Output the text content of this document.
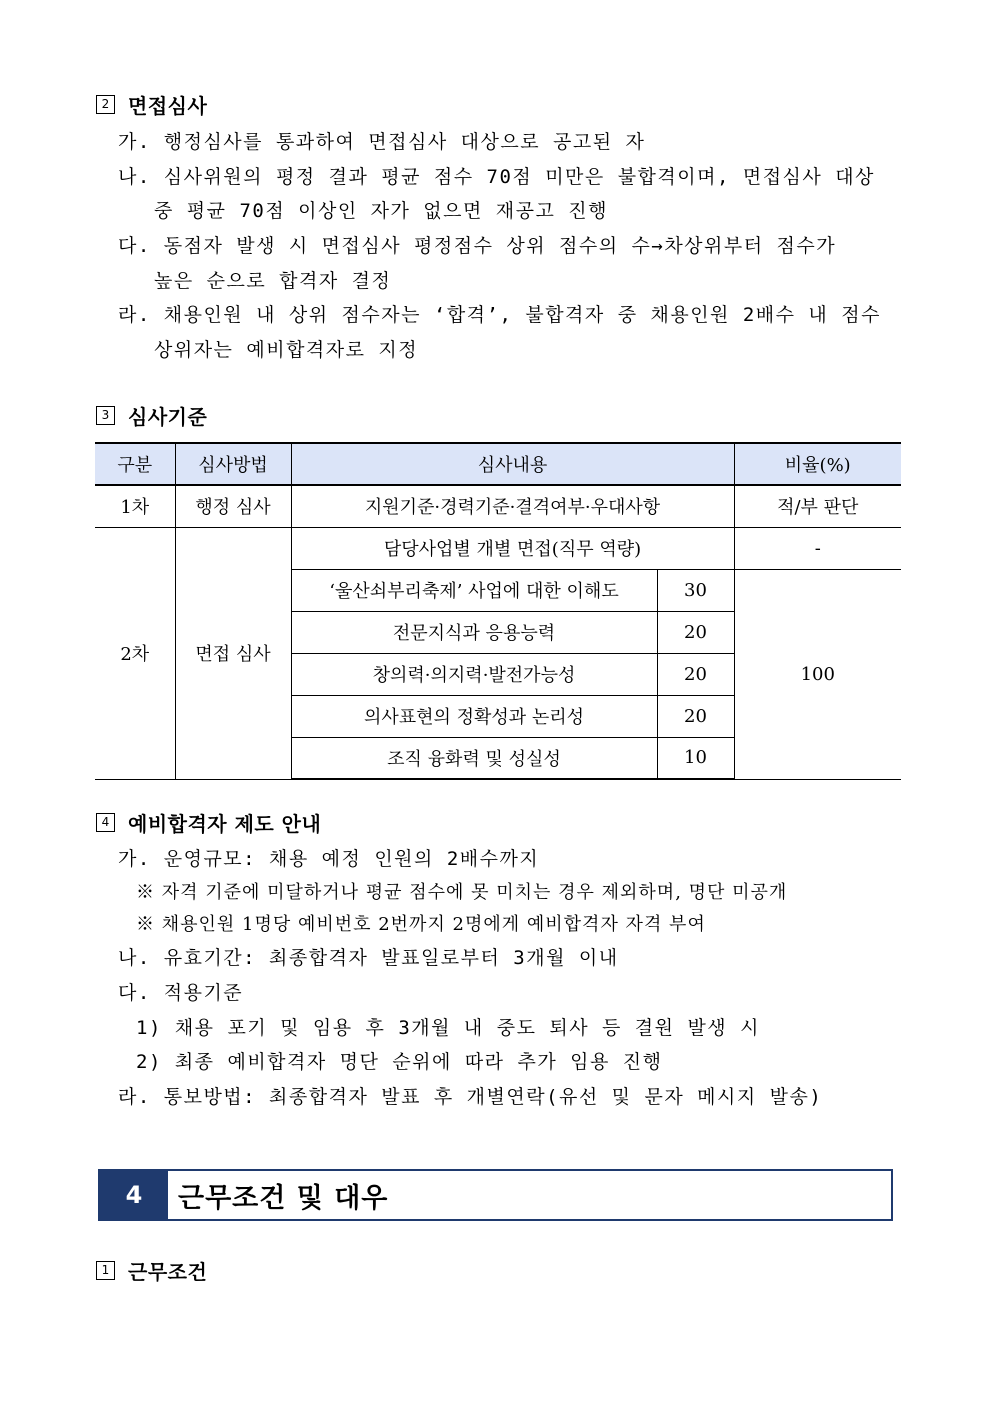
2 면접심사
가. 행정심사를 통과하여 면접심사 대상으로 공고된 자
나. 심사위원의 평정 결과 평균 점수 70점 미만은 불합격이며, 면접심사 대상
중 평균 70점 이상인 자가 없으면 재공고 진행
다. 동점자 발생 시 면접심사 평정점수 상위 점수의 수→차상위부터 점수가
높은 순으로 합격자 결정
라. 채용인원 내 상위 점수자는 ‘합격’, 불합격자 중 채용인원 2배수 내 점수
상위자는 예비합격자로 지정
3 심사기준
구분	심사방법	심사내용		비율(%)
1차	행정 심사	지원기준·경력기준·결격여부·우대사항		적/부 판단
2차	면접 심사	담당사업별 개별 면접(직무 역량)		-
		‘울산쇠부리축제’ 사업에 대한 이해도	30	100
		전문지식과 응용능력	20	
		창의력·의지력·발전가능성	20	
		의사표현의 정확성과 논리성	20	
		조직 융화력 및 성실성	10	
4 예비합격자 제도 안내
가. 운영규모: 채용 예정 인원의 2배수까지
※ 자격 기준에 미달하거나 평균 점수에 못 미치는 경우 제외하며, 명단 미공개
※ 채용인원 1명당 예비번호 2번까지 2명에게 예비합격자 자격 부여
나. 유효기간: 최종합격자 발표일로부터 3개월 이내
다. 적용기준
1) 채용 포기 및 임용 후 3개월 내 중도 퇴사 등 결원 발생 시
2) 최종 예비합격자 명단 순위에 따라 추가 임용 진행
라. 통보방법: 최종합격자 발표 후 개별연락(유선 및 문자 메시지 발송)
4	근무조건 및 대우
1 근무조건
